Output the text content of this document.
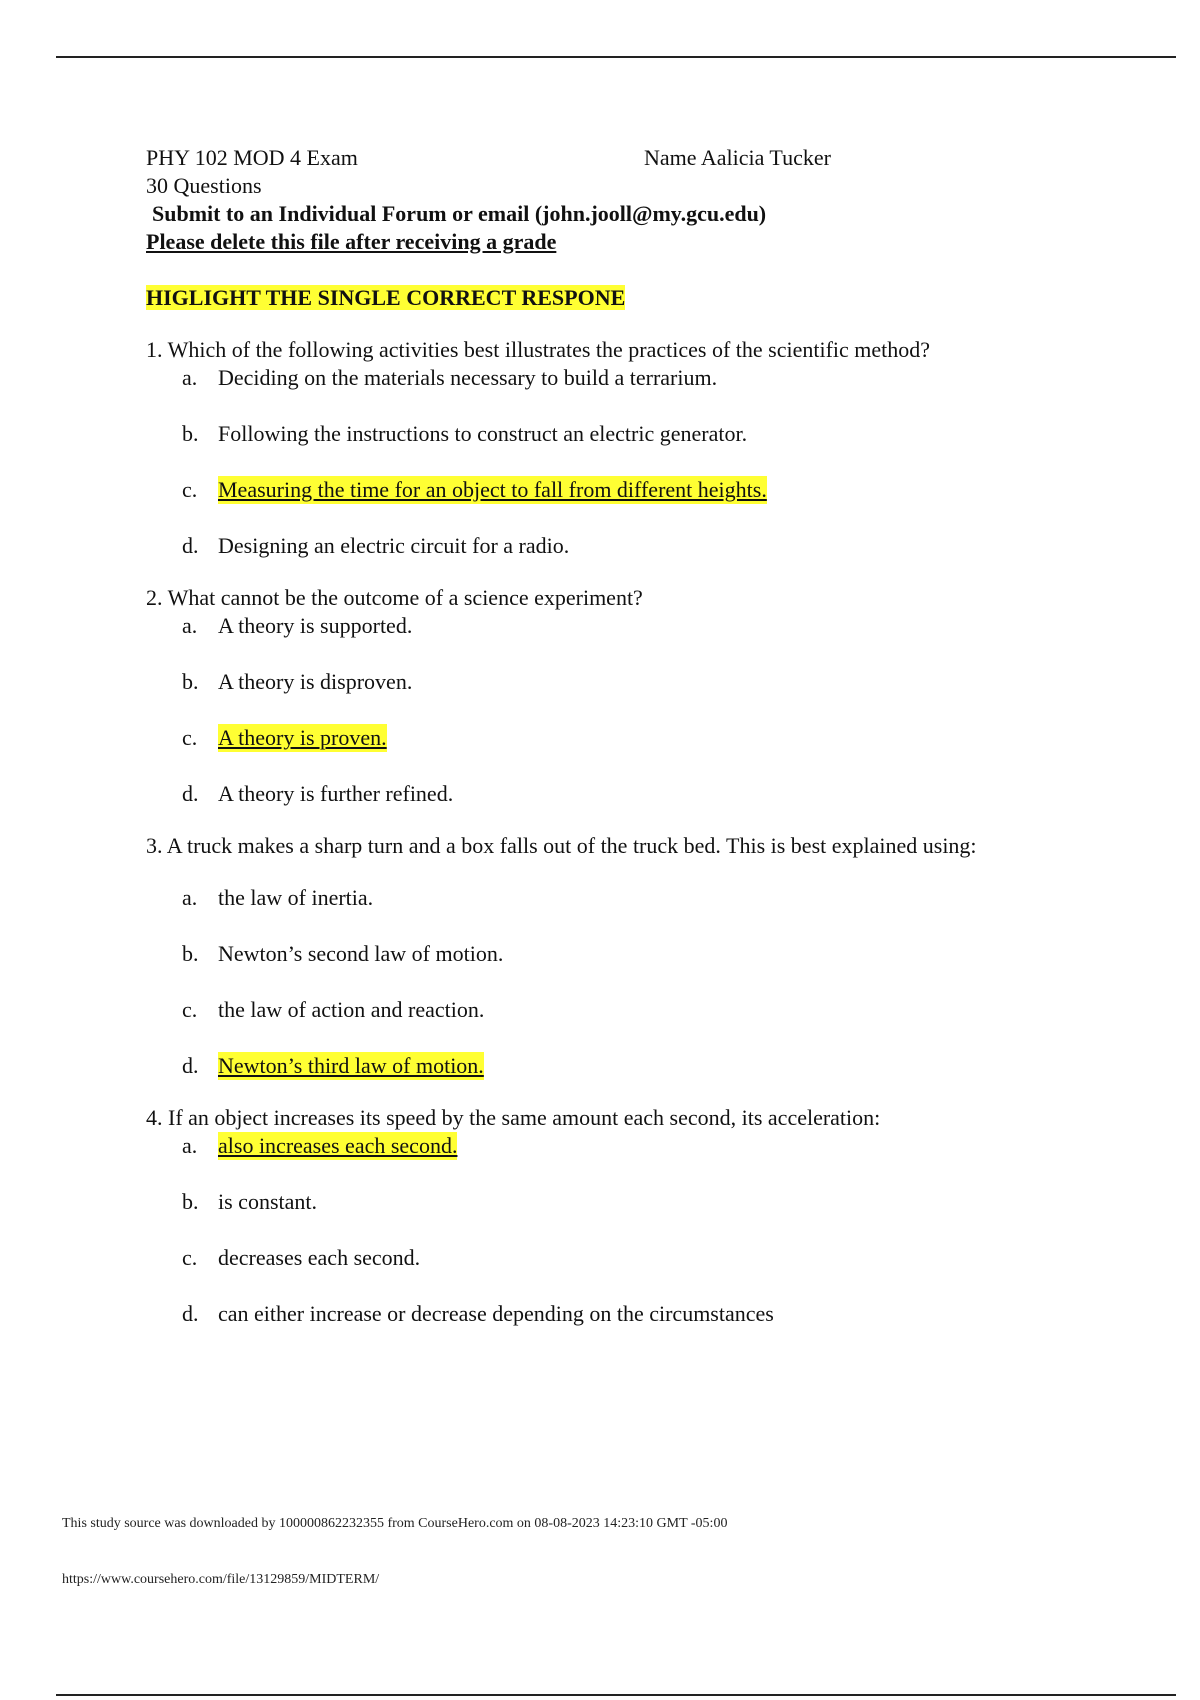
PHY 102 MOD 4 Exam	Name Aalicia Tucker
30 Questions
Submit to an Individual Forum or email (john.jooll@my.gcu.edu)
Please delete this file after receiving a grade
HIGLIGHT THE SINGLE CORRECT RESPONE
1. Which of the following activities best illustrates the practices of the scientific method?
a. Deciding on the materials necessary to build a terrarium.
b. Following the instructions to construct an electric generator.
c. Measuring the time for an object to fall from different heights.
d. Designing an electric circuit for a radio.
2. What cannot be the outcome of a science experiment?
a. A theory is supported.
b. A theory is disproven.
c. A theory is proven.
d. A theory is further refined.
3. A truck makes a sharp turn and a box falls out of the truck bed. This is best explained using:
a. the law of inertia.
b. Newton’s second law of motion.
c. the law of action and reaction.
d. Newton’s third law of motion.
4. If an object increases its speed by the same amount each second, its acceleration:
a. also increases each second.
b. is constant.
c. decreases each second.
d. can either increase or decrease depending on the circumstances
This study source was downloaded by 100000862232355 from CourseHero.com on 08-08-2023 14:23:10 GMT -05:00
https://www.coursehero.com/file/13129859/MIDTERM/
